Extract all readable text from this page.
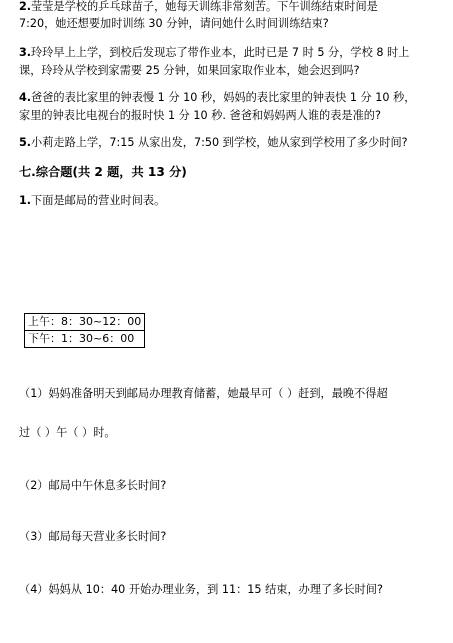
2.莹莹是学校的乒乓球苗子，她每天训练非常刻苦。下午训练结束时间是
7:20，她还想要加时训练 30 分钟，请问她什么时间训练结束?
3.玲玲早上上学，到校后发现忘了带作业本，此时已是 7 时 5 分，学校 8 时上
课，玲玲从学校到家需要 25 分钟，如果回家取作业本，她会迟到吗?
4.爸爸的表比家里的钟表慢 1 分 10 秒，妈妈的表比家里的钟表快 1 分 10 秒，
家里的钟表比电视台的报时快 1 分 10 秒. 爸爸和妈妈两人谁的表是准的?
5.小莉走路上学，7:15 从家出发，7:50 到学校，她从家到学校用了多少时间?
七.综合题(共 2 题，共 13 分)
1.下面是邮局的营业时间表。
上午：8：30~12：00
下午：1：30~6：00
（1）妈妈准备明天到邮局办理教育储蓄，她最早可（ ）赶到，最晚不得超
过（ ）午（ ）时。
（2）邮局中午休息多长时间?
（3）邮局每天营业多长时间?
（4）妈妈从 10：40 开始办理业务，到 11：15 结束，办理了多长时间?
